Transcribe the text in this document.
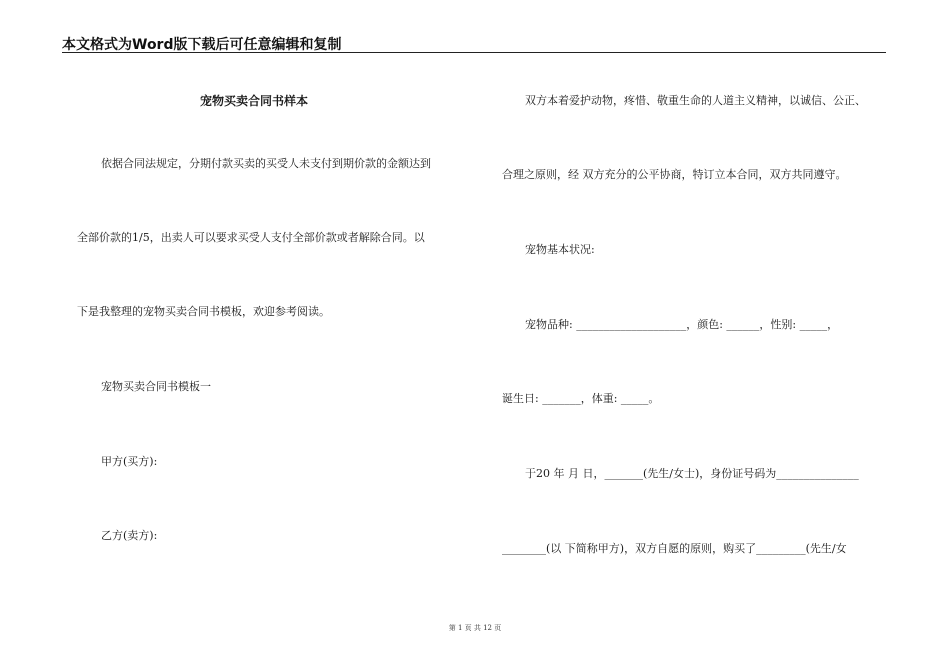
本文格式为Word版下载后可任意编辑和复制
宠物买卖合同书样本
依据合同法规定，分期付款买卖的买受人未支付到期价款的金额达到
全部价款的1/5，出卖人可以要求买受人支付全部价款或者解除合同。以
下是我整理的宠物买卖合同书模板，欢迎参考阅读。
宠物买卖合同书模板一
甲方(买方):
乙方(卖方):
双方本着爱护动物，疼惜、敬重生命的人道主义精神，以诚信、公正、
合理之原则，经 双方充分的公平协商，特订立本合同，双方共同遵守。
宠物基本状况:
宠物品种: ____________________，颜色: ______，性别: _____，
诞生日: _______，体重: _____。
于20 年 月 日，_______(先生/女士)，身份证号码为_______________
________(以 下简称甲方)，双方自愿的原则，购买了_________(先生/女
第 1 页 共 12 页
